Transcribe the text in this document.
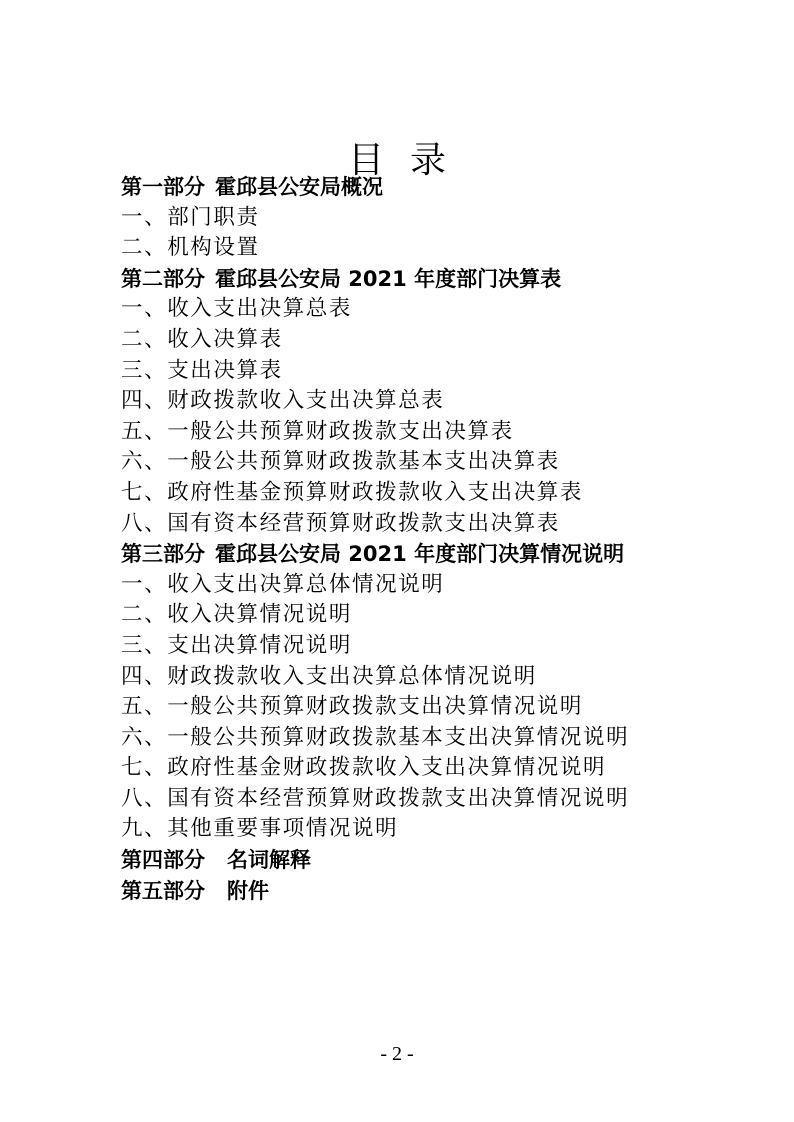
目录
第一部分 霍邱县公安局概况
一、部门职责
二、机构设置
第二部分 霍邱县公安局 2021 年度部门决算表
一、收入支出决算总表
二、收入决算表
三、支出决算表
四、财政拨款收入支出决算总表
五、一般公共预算财政拨款支出决算表
六、一般公共预算财政拨款基本支出决算表
七、政府性基金预算财政拨款收入支出决算表
八、国有资本经营预算财政拨款支出决算表
第三部分 霍邱县公安局 2021 年度部门决算情况说明
一、收入支出决算总体情况说明
二、收入决算情况说明
三、支出决算情况说明
四、财政拨款收入支出决算总体情况说明
五、一般公共预算财政拨款支出决算情况说明
六、一般公共预算财政拨款基本支出决算情况说明
七、政府性基金财政拨款收入支出决算情况说明
八、国有资本经营预算财政拨款支出决算情况说明
九、其他重要事项情况说明
第四部分 名词解释
第五部分 附件
- 2 -
